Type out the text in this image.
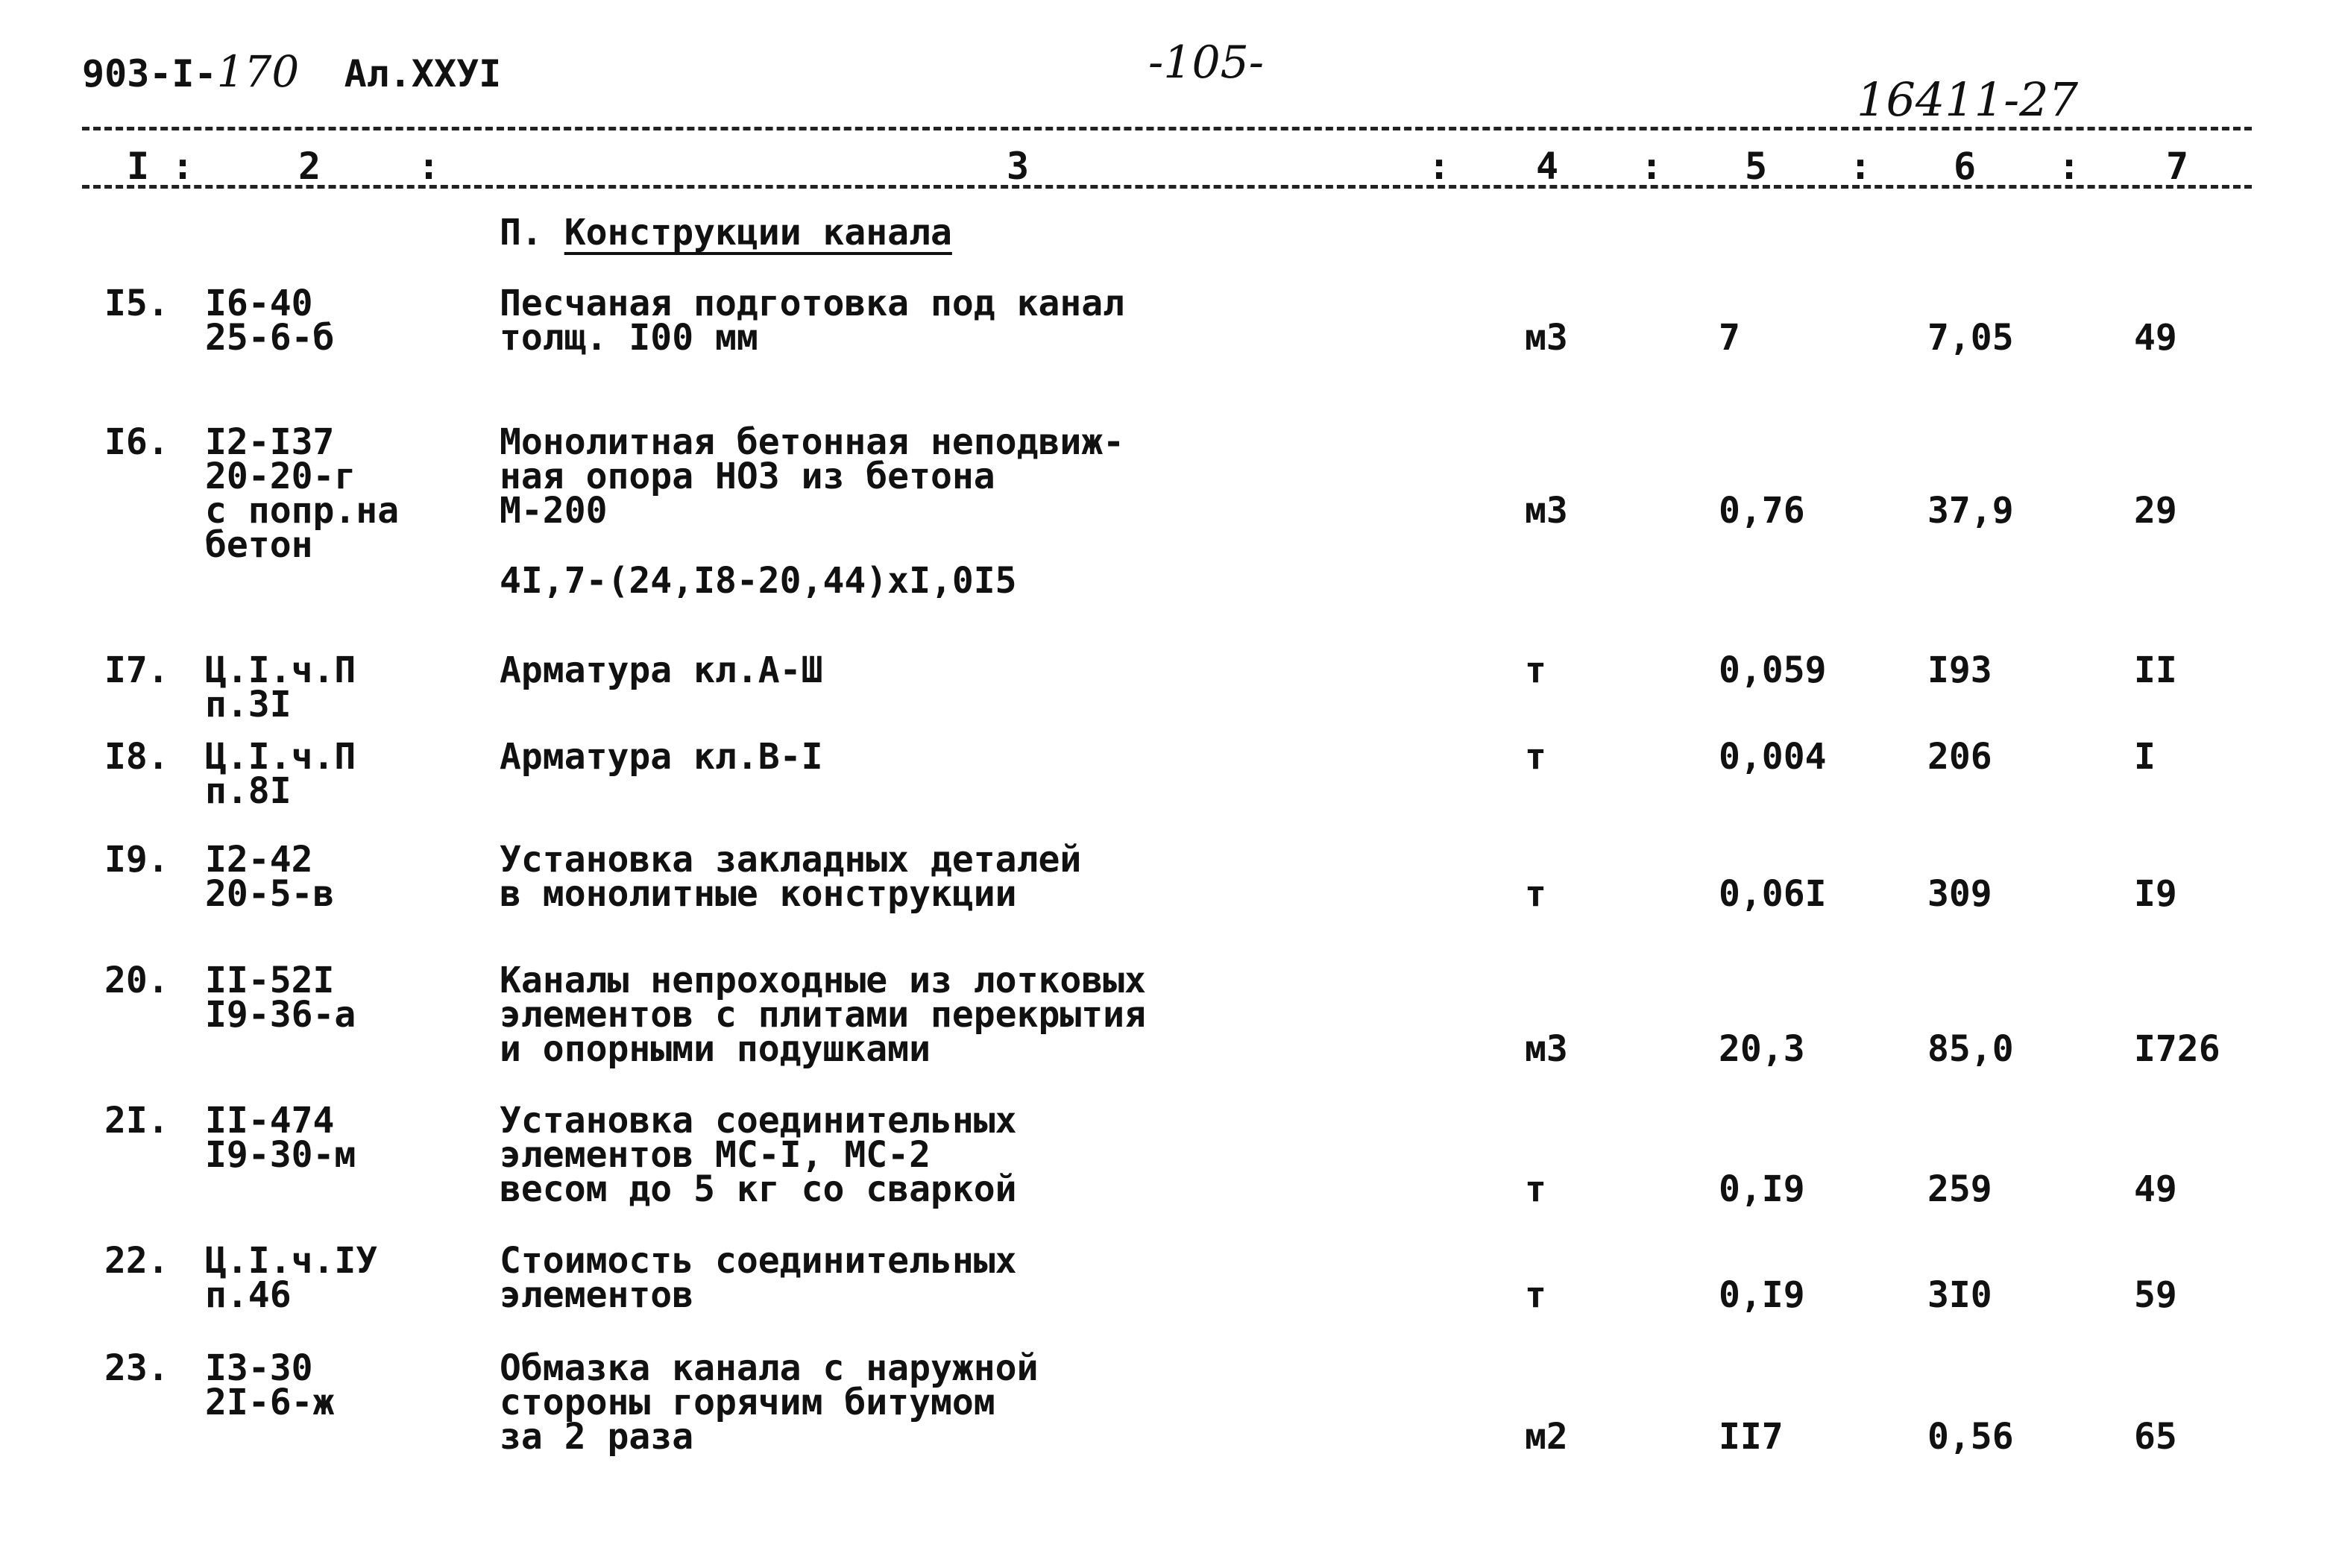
903-I-170 Ал.XXУI	-105-
16411-27
I :	2	:	3	: 4 : 5 : 6 : 7
П. Конструкции канала
I5. I6-40
25-6-б
Песчаная подготовка под канал
толщ. I00 мм	м3	7	7,05	49
I6. I2-I37
20-20-г
с попр.на
бетон
Монолитная бетонная неподвиж-
ная опора НОЗ из бетона
М-200
4I,7-(24,I8-20,44)xI,0I5
м3	0,76	37,9	29
I7. Ц.I.ч.П
п.3I
Арматура кл.А-Ш	т	0,059	I93	II
I8. Ц.I.ч.П
п.8I
Арматура кл.В-I	т	0,004	206	I
I9. I2-42
20-5-в
Установка закладных деталей
в монолитные конструкции	т	0,06I	309	I9
20. II-52I
I9-36-а
Каналы непроходные из лотковых
элементов с плитами перекрытия
и опорными подушками	м3	20,3	85,0	I726
2I. II-474
I9-30-м
Установка соединительных
элементов МС-I, МС-2
весом до 5 кг со сваркой	т	0,I9	259	49
22. Ц.I.ч.IУ
п.46
Стоимость соединительных
элементов	т	0,I9	3I0	59
23. I3-30
2I-6-ж
Обмазка канала с наружной
стороны горячим битумом
за 2 раза	м2	II7	0,56	65
